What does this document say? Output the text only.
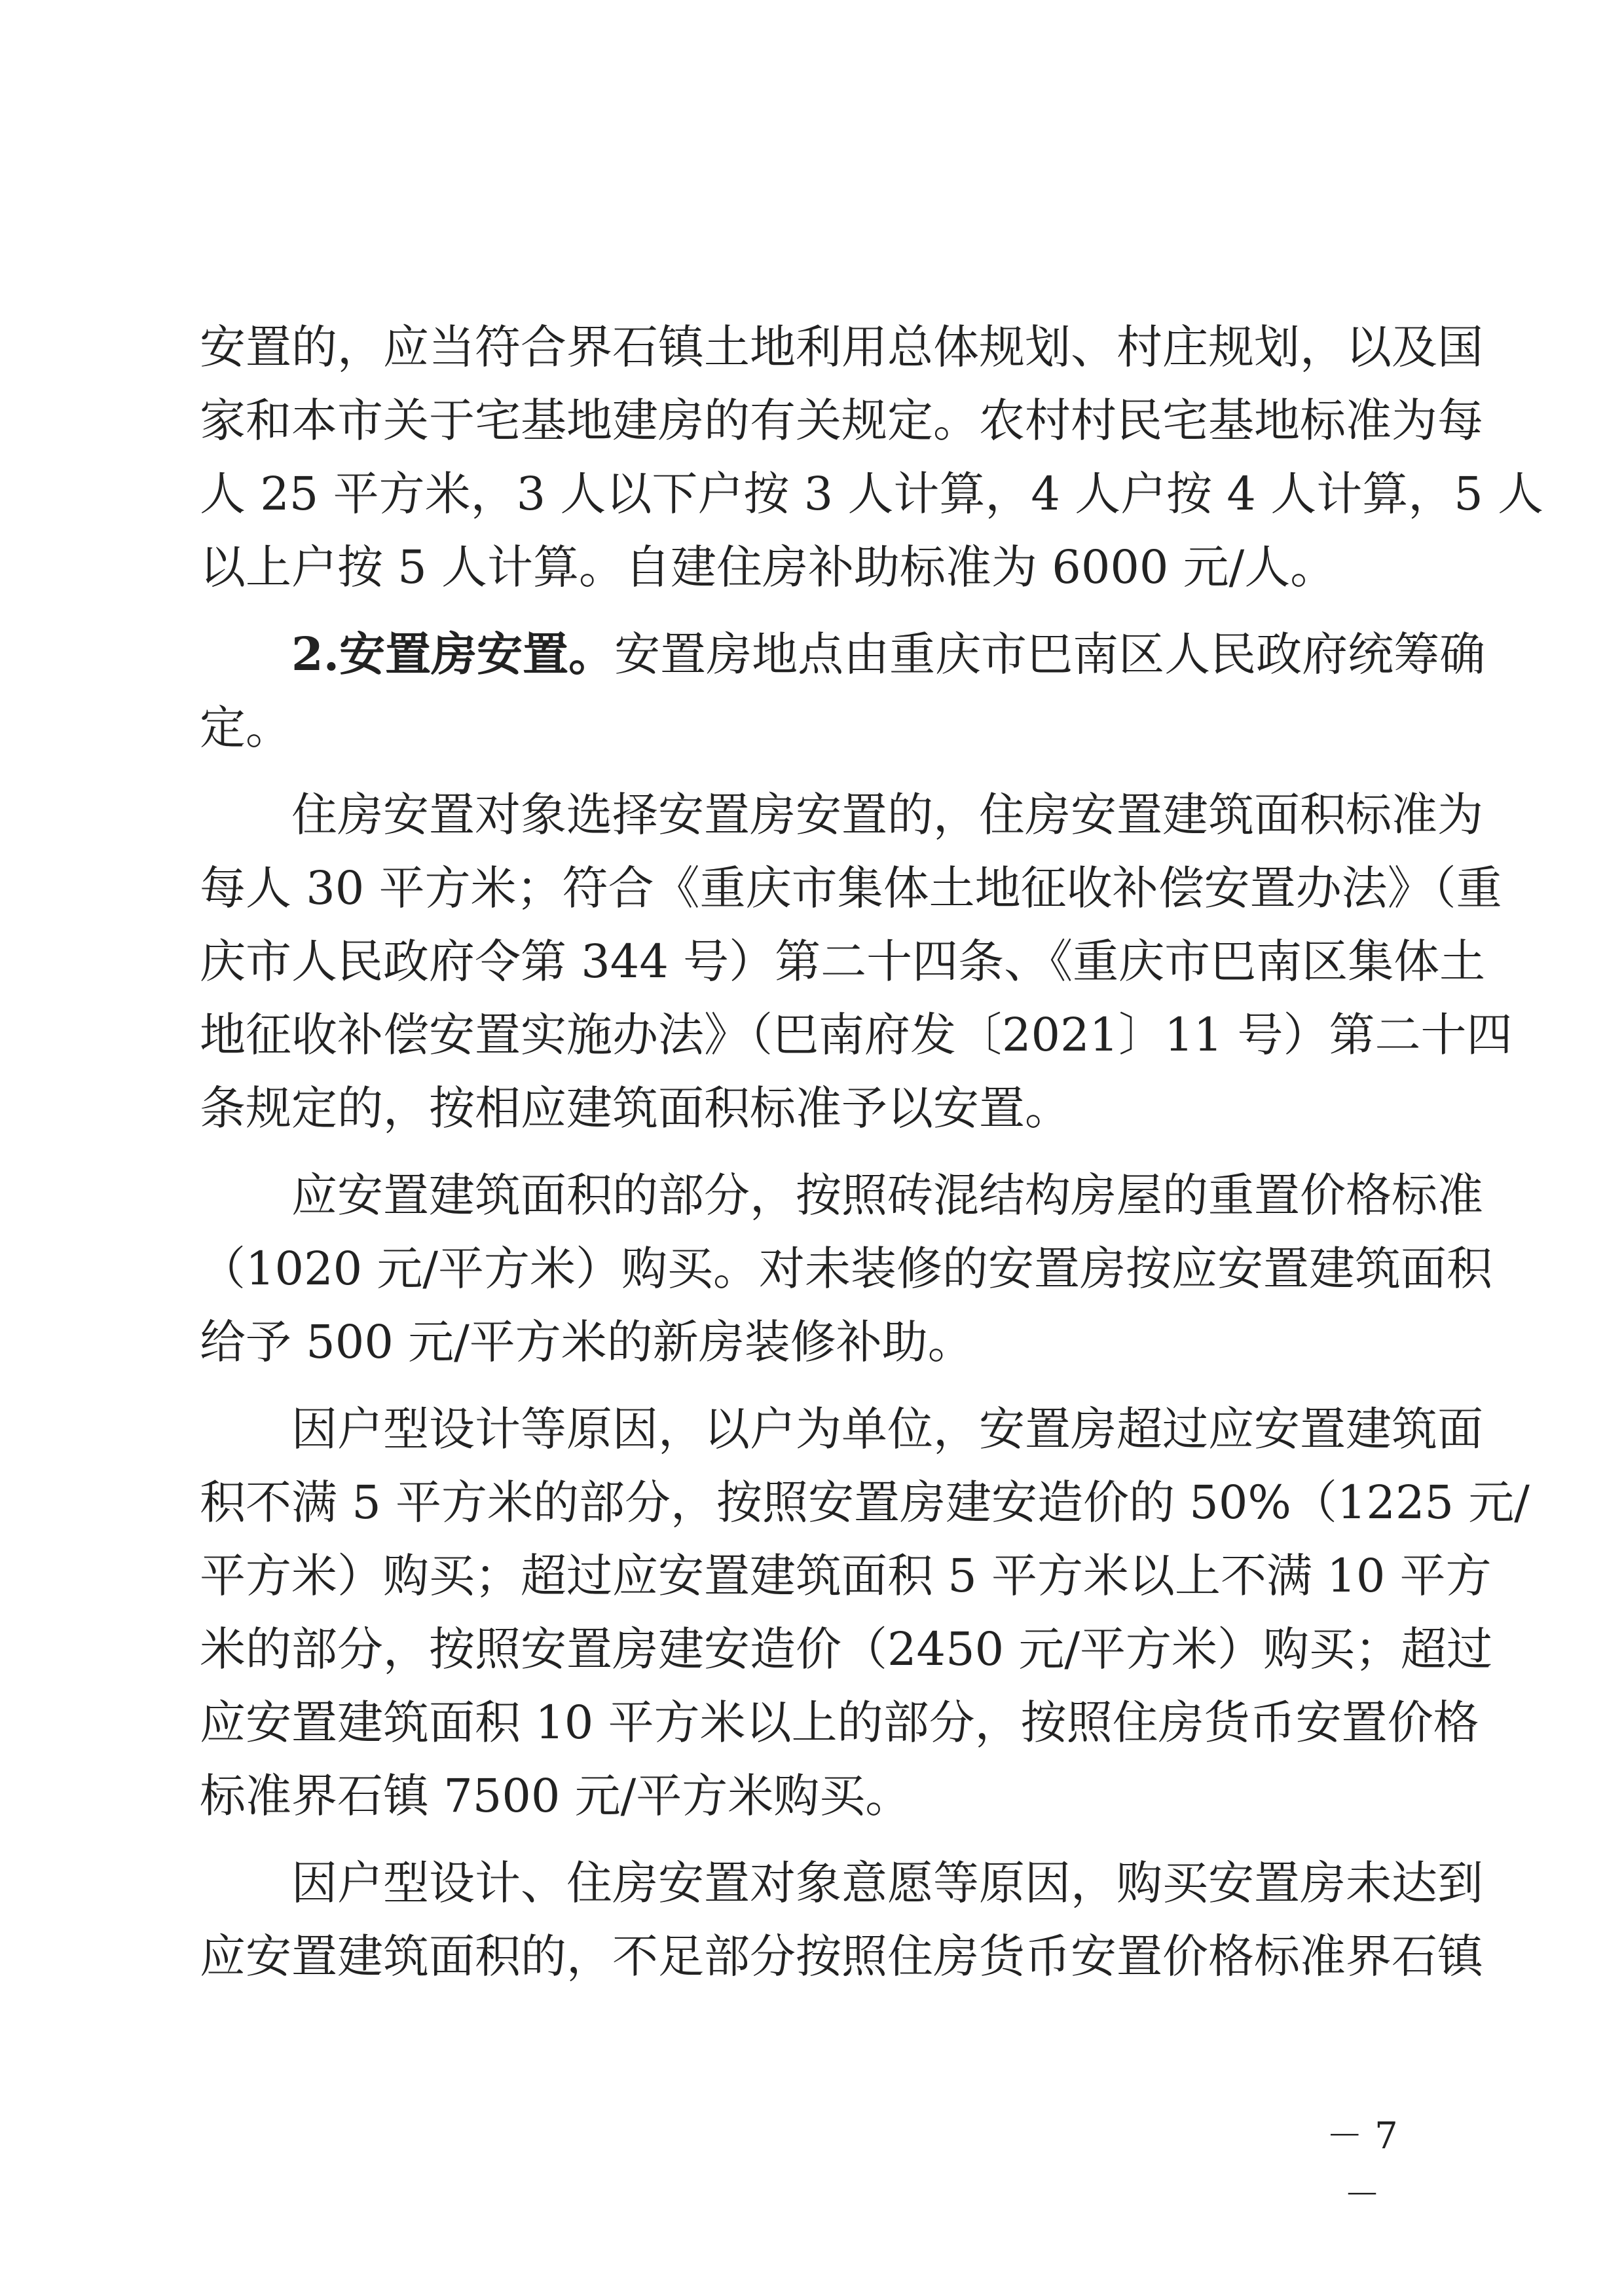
安置的，应当符合界石镇土地利用总体规划、村庄规划，以及国
家和本市关于宅基地建房的有关规定。农村村民宅基地标准为每
人 25 平方米，3 人以下户按 3 人计算，4 人户按 4 人计算，5 人
以上户按 5 人计算。自建住房补助标准为 6000 元/人。
2.安置房安置。安置房地点由重庆市巴南区人民政府统筹确
定。
住房安置对象选择安置房安置的，住房安置建筑面积标准为
每人 30 平方米；符合《重庆市集体土地征收补偿安置办法》（重
庆市人民政府令第 344 号）第二十四条、《重庆市巴南区集体土
地征收补偿安置实施办法》（巴南府发〔2021〕11 号）第二十四
条规定的，按相应建筑面积标准予以安置。
应安置建筑面积的部分，按照砖混结构房屋的重置价格标准
（1020 元/平方米）购买。对未装修的安置房按应安置建筑面积
给予 500 元/平方米的新房装修补助。
因户型设计等原因，以户为单位，安置房超过应安置建筑面
积不满 5 平方米的部分，按照安置房建安造价的 50%（1225 元/
平方米）购买；超过应安置建筑面积 5 平方米以上不满 10 平方
米的部分，按照安置房建安造价（2450 元/平方米）购买；超过
应安置建筑面积 10 平方米以上的部分，按照住房货币安置价格
标准界石镇 7500 元/平方米购买。
因户型设计、住房安置对象意愿等原因，购买安置房未达到
应安置建筑面积的，不足部分按照住房货币安置价格标准界石镇
－ 7 －
